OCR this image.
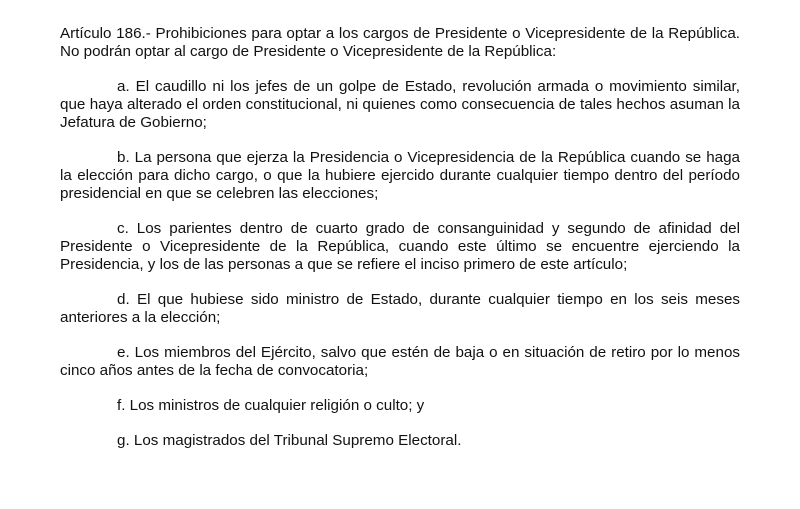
Artículo 186.- Prohibiciones para optar a los cargos de Presidente o Vicepresidente de la República. No podrán optar al cargo de Presidente o Vicepresidente de la República:

a. El caudillo ni los jefes de un golpe de Estado, revolución armada o movimiento similar, que haya alterado el orden constitucional, ni quienes como consecuencia de tales hechos asuman la Jefatura de Gobierno;

b. La persona que ejerza la Presidencia o Vicepresidencia de la República cuando se haga la elección para dicho cargo, o que la hubiere ejercido durante cualquier tiempo dentro del período presidencial en que se celebren las elecciones;

c. Los parientes dentro de cuarto grado de consanguinidad y segundo de afinidad del Presidente o Vicepresidente de la República, cuando este último se encuentre ejerciendo la Presidencia, y los de las personas a que se refiere el inciso primero de este artículo;

d. El que hubiese sido ministro de Estado, durante cualquier tiempo en los seis meses anteriores a la elección;

e. Los miembros del Ejército, salvo que estén de baja o en situación de retiro por lo menos cinco años antes de la fecha de convocatoria;

f. Los ministros de cualquier religión o culto; y

g. Los magistrados del Tribunal Supremo Electoral.
